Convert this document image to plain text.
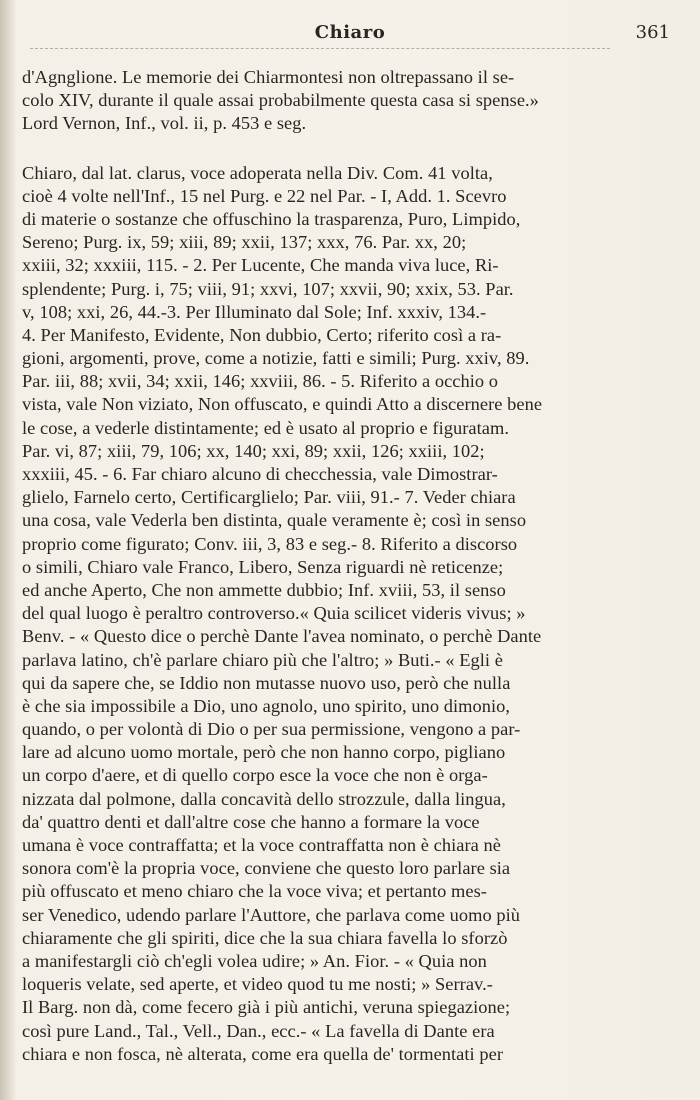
Chiaro	361
d'Agnglione. Le memorie dei Chiarmontesi non oltrepassano il se-
colo XIV, durante il quale assai probabilmente questa casa si spense.»
Lord Vernon, Inf., vol. ii, p. 453 e seg.
Chiaro, dal lat. clarus, voce adoperata nella Div. Com. 41 volta,
cioè 4 volte nell'Inf., 15 nel Purg. e 22 nel Par. - I, Add. 1. Scevro
di materie o sostanze che offuschino la trasparenza, Puro, Limpido,
Sereno; Purg. ix, 59; xiii, 89; xxii, 137; xxx, 76. Par. xx, 20;
xxiii, 32; xxxiii, 115. - 2. Per Lucente, Che manda viva luce, Ri-
splendente; Purg. i, 75; viii, 91; xxvi, 107; xxvii, 90; xxix, 53. Par.
v, 108; xxi, 26, 44.-3. Per Illuminato dal Sole; Inf. xxxiv, 134.-
4. Per Manifesto, Evidente, Non dubbio, Certo; riferito così a ra-
gioni, argomenti, prove, come a notizie, fatti e simili; Purg. xxiv, 89.
Par. iii, 88; xvii, 34; xxii, 146; xxviii, 86. - 5. Riferito a occhio o
vista, vale Non viziato, Non offuscato, e quindi Atto a discernere bene
le cose, a vederle distintamente; ed è usato al proprio e figuratam.
Par. vi, 87; xiii, 79, 106; xx, 140; xxi, 89; xxii, 126; xxiii, 102;
xxxiii, 45. - 6. Far chiaro alcuno di checchessia, vale Dimostrar-
glielo, Farnelo certo, Certificarglielo; Par. viii, 91.- 7. Veder chiara
una cosa, vale Vederla ben distinta, quale veramente è; così in senso
proprio come figurato; Conv. iii, 3, 83 e seg.- 8. Riferito a discorso
o simili, Chiaro vale Franco, Libero, Senza riguardi nè reticenze;
ed anche Aperto, Che non ammette dubbio; Inf. xviii, 53, il senso
del qual luogo è peraltro controverso.« Quia scilicet videris vivus; »
Benv. - « Questo dice o perchè Dante l'avea nominato, o perchè Dante
parlava latino, ch'è parlare chiaro più che l'altro; » Buti.- « Egli è
qui da sapere che, se Iddio non mutasse nuovo uso, però che nulla
è che sia impossibile a Dio, uno agnolo, uno spirito, uno dimonio,
quando, o per volontà di Dio o per sua permissione, vengono a par-
lare ad alcuno uomo mortale, però che non hanno corpo, pigliano
un corpo d'aere, et di quello corpo esce la voce che non è orga-
nizzata dal polmone, dalla concavità dello strozzule, dalla lingua,
da' quattro denti et dall'altre cose che hanno a formare la voce
umana è voce contraffatta; et la voce contraffatta non è chiara nè
sonora com'è la propria voce, conviene che questo loro parlare sia
più offuscato et meno chiaro che la voce viva; et pertanto mes-
ser Venedico, udendo parlare l'Auttore, che parlava come uomo più
chiaramente che gli spiriti, dice che la sua chiara favella lo sforzò
a manifestargli ciò ch'egli volea udire; » An. Fior. - « Quia non
loqueris velate, sed aperte, et video quod tu me nosti; » Serrav.-
Il Barg. non dà, come fecero già i più antichi, veruna spiegazione;
così pure Land., Tal., Vell., Dan., ecc.- « La favella di Dante era
chiara e non fosca, nè alterata, come era quella de' tormentati per
